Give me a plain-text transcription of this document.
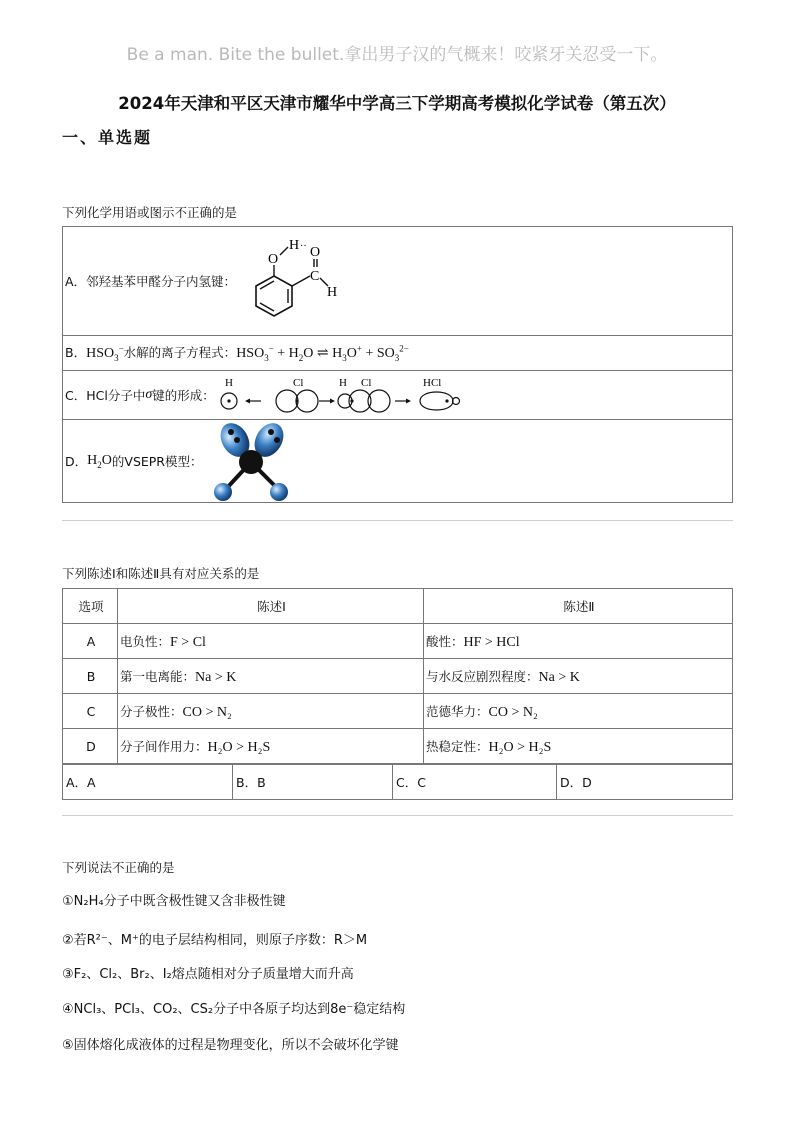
Be a man. Bite the bullet.拿出男子汉的气概来！咬紧牙关忍受一下。
2024年天津和平区天津市耀华中学高三下学期高考模拟化学试卷（第五次）
一、单选题
下列化学用语或图示不正确的是
A．邻羟基苯甲醛分子内氢键：
O
H ··
C
O
H

B．$HSO_3^-$水解的离子方程式：$HSO_3^- + H_2O$ ⇌ $H_3O^+ + SO_3^{2-}$

C．HCl分子中 σ 键的形成：
H	Cl	H Cl	HCl

D． $H_2O$ 的VSEPR模型：
下列陈述Ⅰ和陈述Ⅱ具有对应关系的是
选项	陈述Ⅰ	陈述Ⅱ
A	电负性：F > Cl	酸性：HF > HCl
B	第一电离能：Na > K	与水反应剧烈程度：Na > K
C	分子极性：CO > N₂	范德华力：CO > N₂
D	分子间作用力：H₂O > H₂S	热稳定性：H₂O > H₂S
A．A	B．B	C．C	D．D
下列说法不正确的是
①N₂H₄分子中既含极性键又含非极性键
②若R²⁻、M⁺的电子层结构相同，则原子序数：R＞M
③F₂、Cl₂、Br₂、I₂熔点随相对分子质量增大而升高
④NCl₃、PCl₃、CO₂、CS₂分子中各原子均达到8e⁻稳定结构
⑤固体熔化成液体的过程是物理变化，所以不会破坏化学键
